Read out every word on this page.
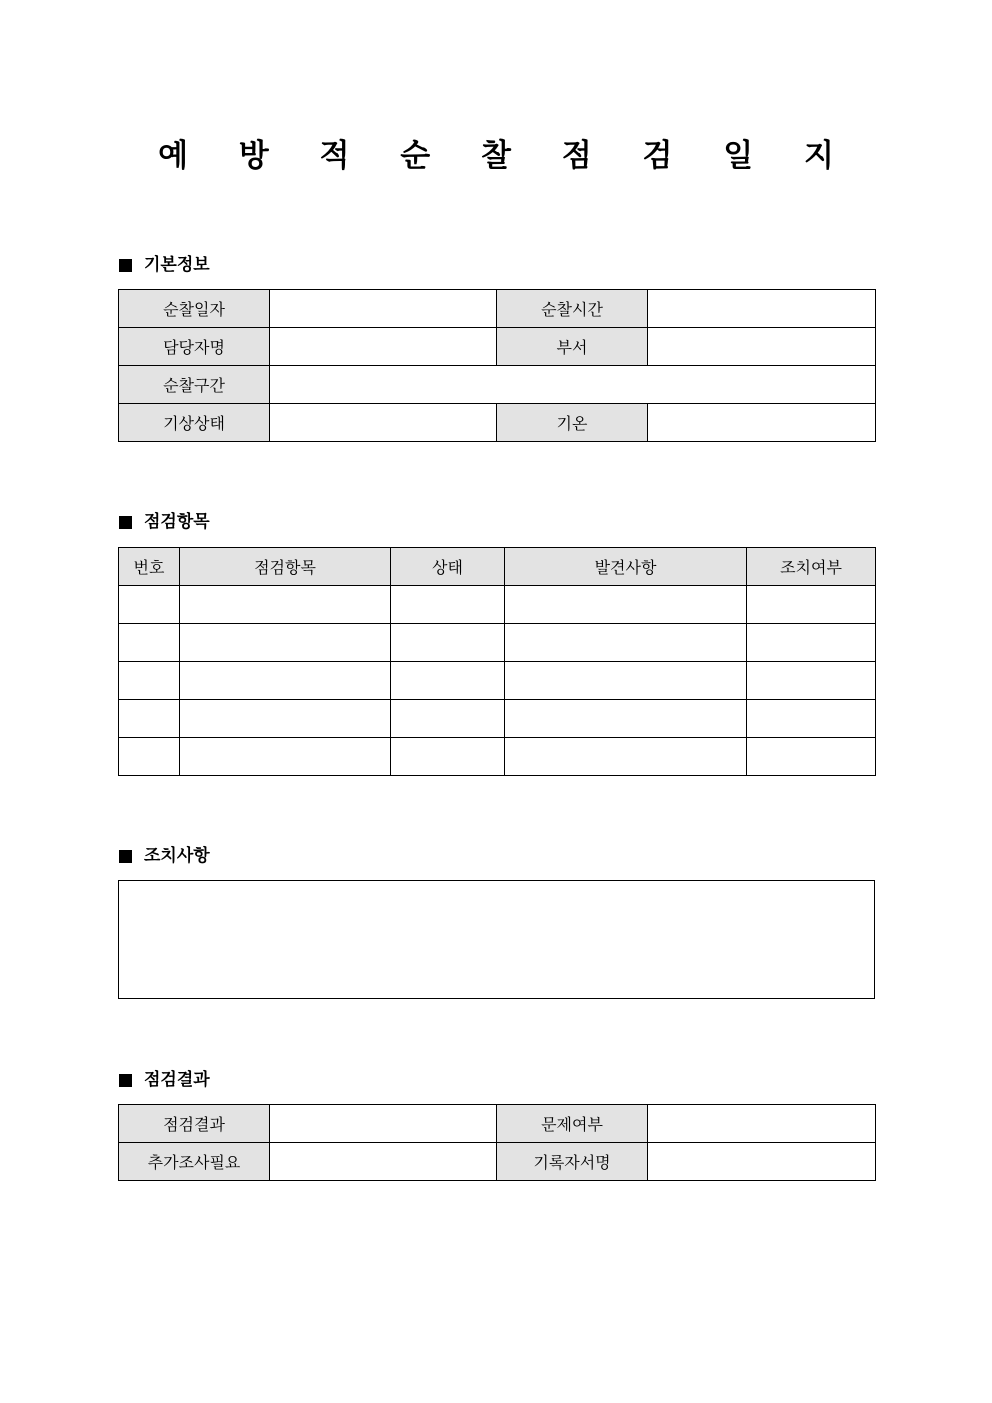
예 방 적 순 찰 점 검 일 지
기본정보
순찰일자		순찰시간	
담당자명		부서	
순찰구간			
기상상태		기온	
점검항목
번호	점검항목	상태	발견사항	조치여부

조치사항
점검결과
점검결과		문제여부	
추가조사필요		기록자서명	
